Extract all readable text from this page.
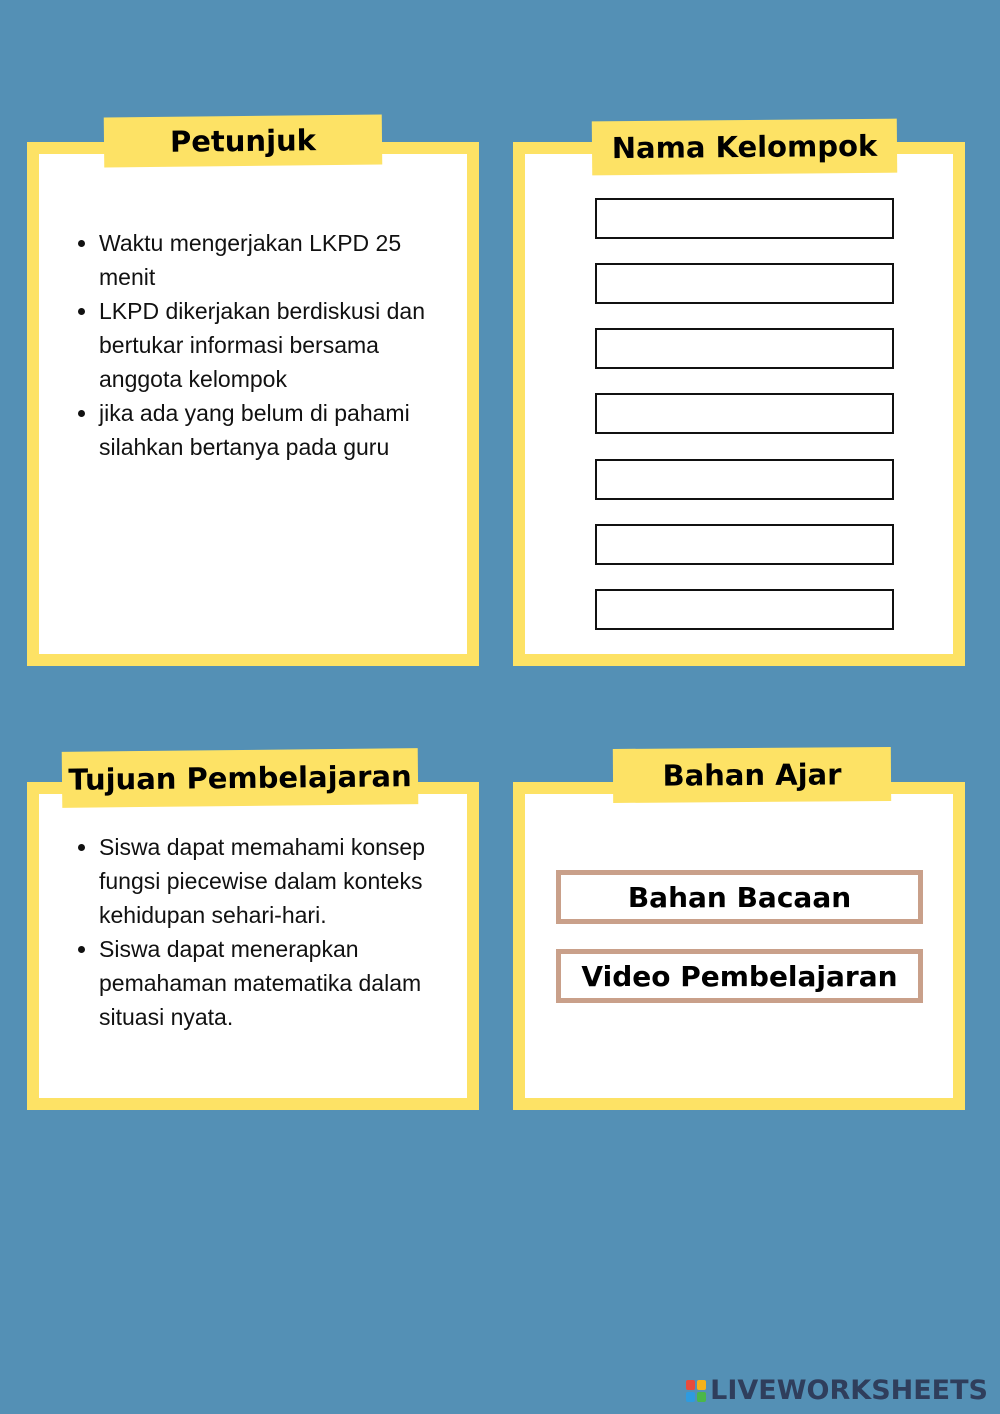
Petunjuk
• Waktu mengerjakan LKPD 25 menit
• LKPD dikerjakan berdiskusi dan bertukar informasi bersama anggota kelompok
• jika ada yang belum di pahami silahkan bertanya pada guru
Nama Kelompok
Tujuan Pembelajaran
• Siswa dapat memahami konsep fungsi piecewise dalam konteks kehidupan sehari-hari.
• Siswa dapat menerapkan pemahaman matematika dalam situasi nyata.
Bahan Ajar
Bahan Bacaan
Video Pembelajaran
LIVEWORKSHEETS
